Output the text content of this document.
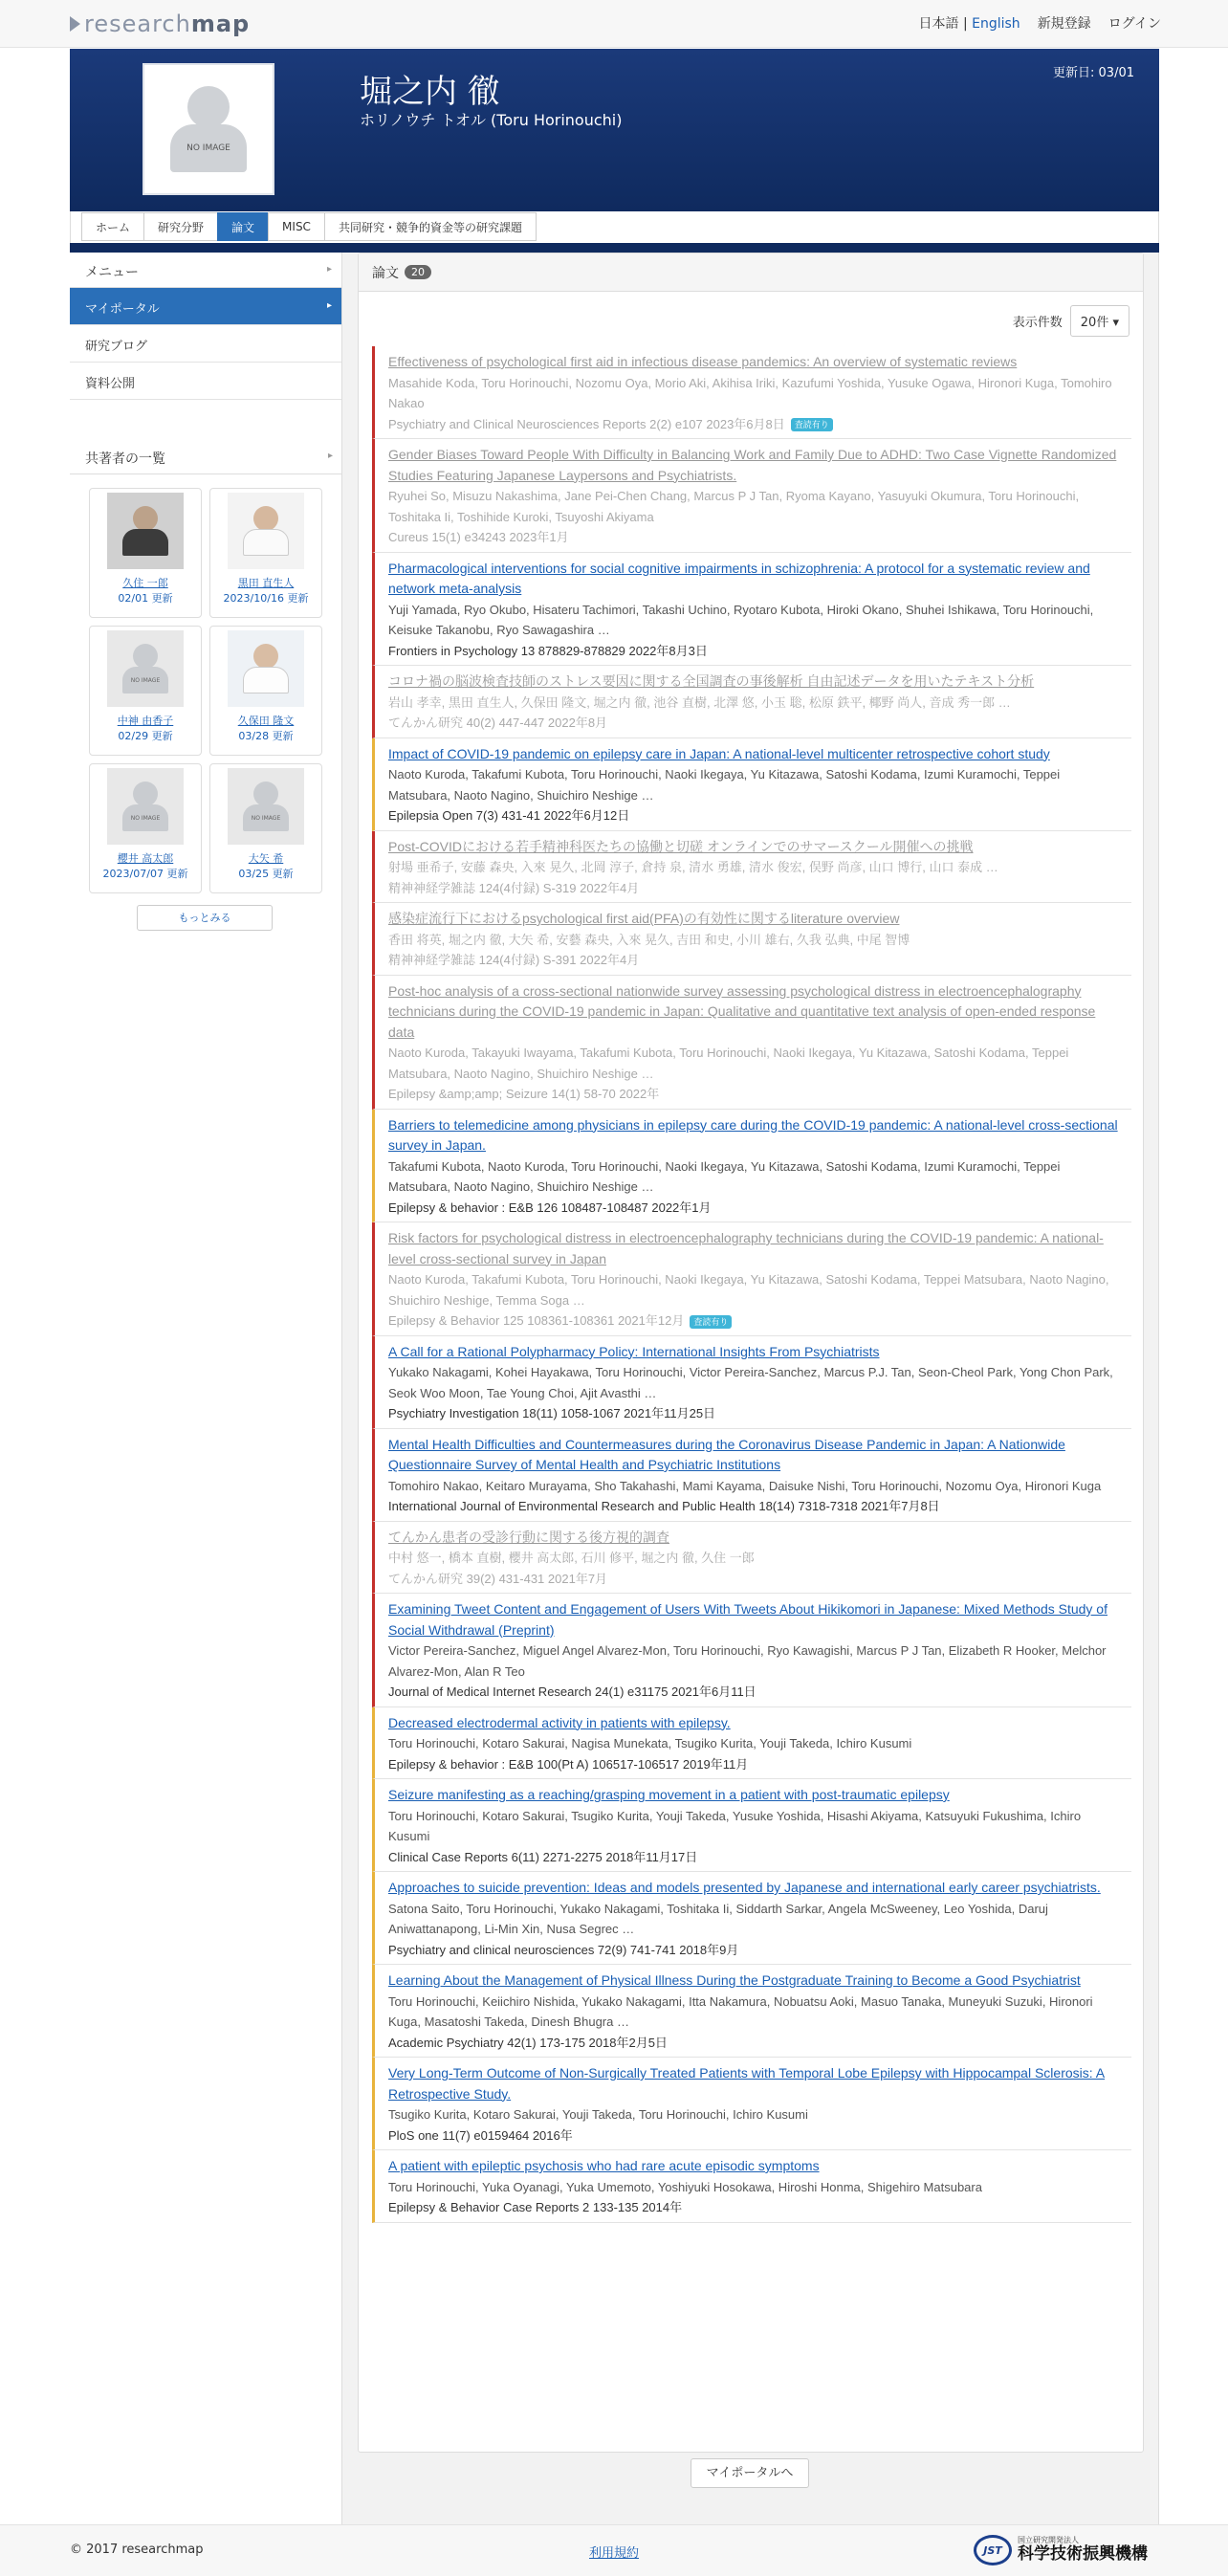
researchmap	日本語 | English 新規登録 ログイン
NO IMAGE
堀之内 徹
ホリノウチ トオル (Toru Horinouchi)
更新日: 03/01
ホーム	研究分野	論文	MISC	共同研究・競争的資金等の研究課題
メニュー	▸
マイポータル	▸
研究ブログ
資料公開
共著者の一覧	▸
久住 一郎
02/01 更新
黒田 直生人
2023/10/16 更新
NO IMAGE
中神 由香子
02/29 更新
久保田 隆文
03/28 更新
NO IMAGE
櫻井 高太郎
2023/07/07 更新
NO IMAGE
大矢 希
03/25 更新
もっとみる
論文	20
表示件数	20件 ▾
Effectiveness of psychological first aid in infectious disease pandemics: An overview of systematic reviews
Masahide Koda, Toru Horinouchi, Nozomu Oya, Morio Aki, Akihisa Iriki, Kazufumi Yoshida, Yusuke Ogawa, Hironori Kuga, Tomohiro Nakao
Psychiatry and Clinical Neurosciences Reports 2(2) e107 2023年6月8日 査読有り
Gender Biases Toward People With Difficulty in Balancing Work and Family Due to ADHD: Two Case Vignette Randomized Studies Featuring Japanese Laypersons and Psychiatrists.
Ryuhei So, Misuzu Nakashima, Jane Pei-Chen Chang, Marcus P J Tan, Ryoma Kayano, Yasuyuki Okumura, Toru Horinouchi, Toshitaka Ii, Toshihide Kuroki, Tsuyoshi Akiyama
Cureus 15(1) e34243 2023年1月
Pharmacological interventions for social cognitive impairments in schizophrenia: A protocol for a systematic review and network meta-analysis
Yuji Yamada, Ryo Okubo, Hisateru Tachimori, Takashi Uchino, Ryotaro Kubota, Hiroki Okano, Shuhei Ishikawa, Toru Horinouchi, Keisuke Takanobu, Ryo Sawagashira …
Frontiers in Psychology 13 878829-878829 2022年8月3日
コロナ禍の脳波検査技師のストレス要因に関する全国調査の事後解析 自由記述データを用いたテキスト分析
岩山 孝幸, 黒田 直生人, 久保田 隆文, 堀之内 徹, 池谷 直樹, 北澤 悠, 小玉 聡, 松原 鉄平, 椰野 尚人, 音成 秀一郎 …
てんかん研究 40(2) 447-447 2022年8月
Impact of COVID‐19 pandemic on epilepsy care in Japan: A national‐level multicenter retrospective cohort study
Naoto Kuroda, Takafumi Kubota, Toru Horinouchi, Naoki Ikegaya, Yu Kitazawa, Satoshi Kodama, Izumi Kuramochi, Teppei Matsubara, Naoto Nagino, Shuichiro Neshige …
Epilepsia Open 7(3) 431-41 2022年6月12日
Post-COVIDにおける若手精神科医たちの協働と切磋 オンラインでのサマースクール開催への挑戦
射場 亜希子, 安藤 森央, 入來 晃久, 北岡 淳子, 倉持 泉, 清水 勇雄, 清水 俊宏, 俣野 尚彦, 山口 博行, 山口 泰成 …
精神神経学雑誌 124(4付録) S-319 2022年4月
感染症流行下におけるpsychological first aid(PFA)の有効性に関するliterature overview
香田 将英, 堀之内 徹, 大矢 希, 安藝 森央, 入來 晃久, 吉田 和史, 小川 雄右, 久我 弘典, 中尾 智博
精神神経学雑誌 124(4付録) S-391 2022年4月
Post-hoc analysis of a cross-sectional nationwide survey assessing psychological distress in electroencephalography technicians during the COVID-19 pandemic in Japan: Qualitative and quantitative text analysis of open-ended response data
Naoto Kuroda, Takayuki Iwayama, Takafumi Kubota, Toru Horinouchi, Naoki Ikegaya, Yu Kitazawa, Satoshi Kodama, Teppei Matsubara, Naoto Nagino, Shuichiro Neshige …
Epilepsy &amp;amp; Seizure 14(1) 58-70 2022年
Barriers to telemedicine among physicians in epilepsy care during the COVID-19 pandemic: A national-level cross-sectional survey in Japan.
Takafumi Kubota, Naoto Kuroda, Toru Horinouchi, Naoki Ikegaya, Yu Kitazawa, Satoshi Kodama, Izumi Kuramochi, Teppei Matsubara, Naoto Nagino, Shuichiro Neshige …
Epilepsy & behavior : E&B 126 108487-108487 2022年1月
Risk factors for psychological distress in electroencephalography technicians during the COVID-19 pandemic: A national-level cross-sectional survey in Japan
Naoto Kuroda, Takafumi Kubota, Toru Horinouchi, Naoki Ikegaya, Yu Kitazawa, Satoshi Kodama, Teppei Matsubara, Naoto Nagino, Shuichiro Neshige, Temma Soga …
Epilepsy & Behavior 125 108361-108361 2021年12月 査読有り
A Call for a Rational Polypharmacy Policy: International Insights From Psychiatrists
Yukako Nakagami, Kohei Hayakawa, Toru Horinouchi, Victor Pereira-Sanchez, Marcus P.J. Tan, Seon-Cheol Park, Yong Chon Park, Seok Woo Moon, Tae Young Choi, Ajit Avasthi …
Psychiatry Investigation 18(11) 1058-1067 2021年11月25日
Mental Health Difficulties and Countermeasures during the Coronavirus Disease Pandemic in Japan: A Nationwide Questionnaire Survey of Mental Health and Psychiatric Institutions
Tomohiro Nakao, Keitaro Murayama, Sho Takahashi, Mami Kayama, Daisuke Nishi, Toru Horinouchi, Nozomu Oya, Hironori Kuga
International Journal of Environmental Research and Public Health 18(14) 7318-7318 2021年7月8日
てんかん患者の受診行動に関する後方視的調査
中村 悠一, 橋本 直樹, 櫻井 高太郎, 石川 修平, 堀之内 徹, 久住 一郎
てんかん研究 39(2) 431-431 2021年7月
Examining Tweet Content and Engagement of Users With Tweets About Hikikomori in Japanese: Mixed Methods Study of Social Withdrawal (Preprint)
Victor Pereira-Sanchez, Miguel Angel Alvarez-Mon, Toru Horinouchi, Ryo Kawagishi, Marcus P J Tan, Elizabeth R Hooker, Melchor Alvarez-Mon, Alan R Teo
Journal of Medical Internet Research 24(1) e31175 2021年6月11日
Decreased electrodermal activity in patients with epilepsy.
Toru Horinouchi, Kotaro Sakurai, Nagisa Munekata, Tsugiko Kurita, Youji Takeda, Ichiro Kusumi
Epilepsy & behavior : E&B 100(Pt A) 106517-106517 2019年11月
Seizure manifesting as a reaching/grasping movement in a patient with post-traumatic epilepsy
Toru Horinouchi, Kotaro Sakurai, Tsugiko Kurita, Youji Takeda, Yusuke Yoshida, Hisashi Akiyama, Katsuyuki Fukushima, Ichiro Kusumi
Clinical Case Reports 6(11) 2271-2275 2018年11月17日
Approaches to suicide prevention: Ideas and models presented by Japanese and international early career psychiatrists.
Satona Saito, Toru Horinouchi, Yukako Nakagami, Toshitaka Ii, Siddarth Sarkar, Angela McSweeney, Leo Yoshida, Daruj Aniwattanapong, Li-Min Xin, Nusa Segrec …
Psychiatry and clinical neurosciences 72(9) 741-741 2018年9月
Learning About the Management of Physical Illness During the Postgraduate Training to Become a Good Psychiatrist
Toru Horinouchi, Keiichiro Nishida, Yukako Nakagami, Itta Nakamura, Nobuatsu Aoki, Masuo Tanaka, Muneyuki Suzuki, Hironori Kuga, Masatoshi Takeda, Dinesh Bhugra …
Academic Psychiatry 42(1) 173-175 2018年2月5日
Very Long-Term Outcome of Non-Surgically Treated Patients with Temporal Lobe Epilepsy with Hippocampal Sclerosis: A Retrospective Study.
Tsugiko Kurita, Kotaro Sakurai, Youji Takeda, Toru Horinouchi, Ichiro Kusumi
PloS one 11(7) e0159464 2016年
A patient with epileptic psychosis who had rare acute episodic symptoms
Toru Horinouchi, Yuka Oyanagi, Yuka Umemoto, Yoshiyuki Hosokawa, Hiroshi Honma, Shigehiro Matsubara
Epilepsy & Behavior Case Reports 2 133-135 2014年
マイポータルへ
© 2017 researchmap	利用規約	JST
国立研究開発法人
科学技術振興機構
